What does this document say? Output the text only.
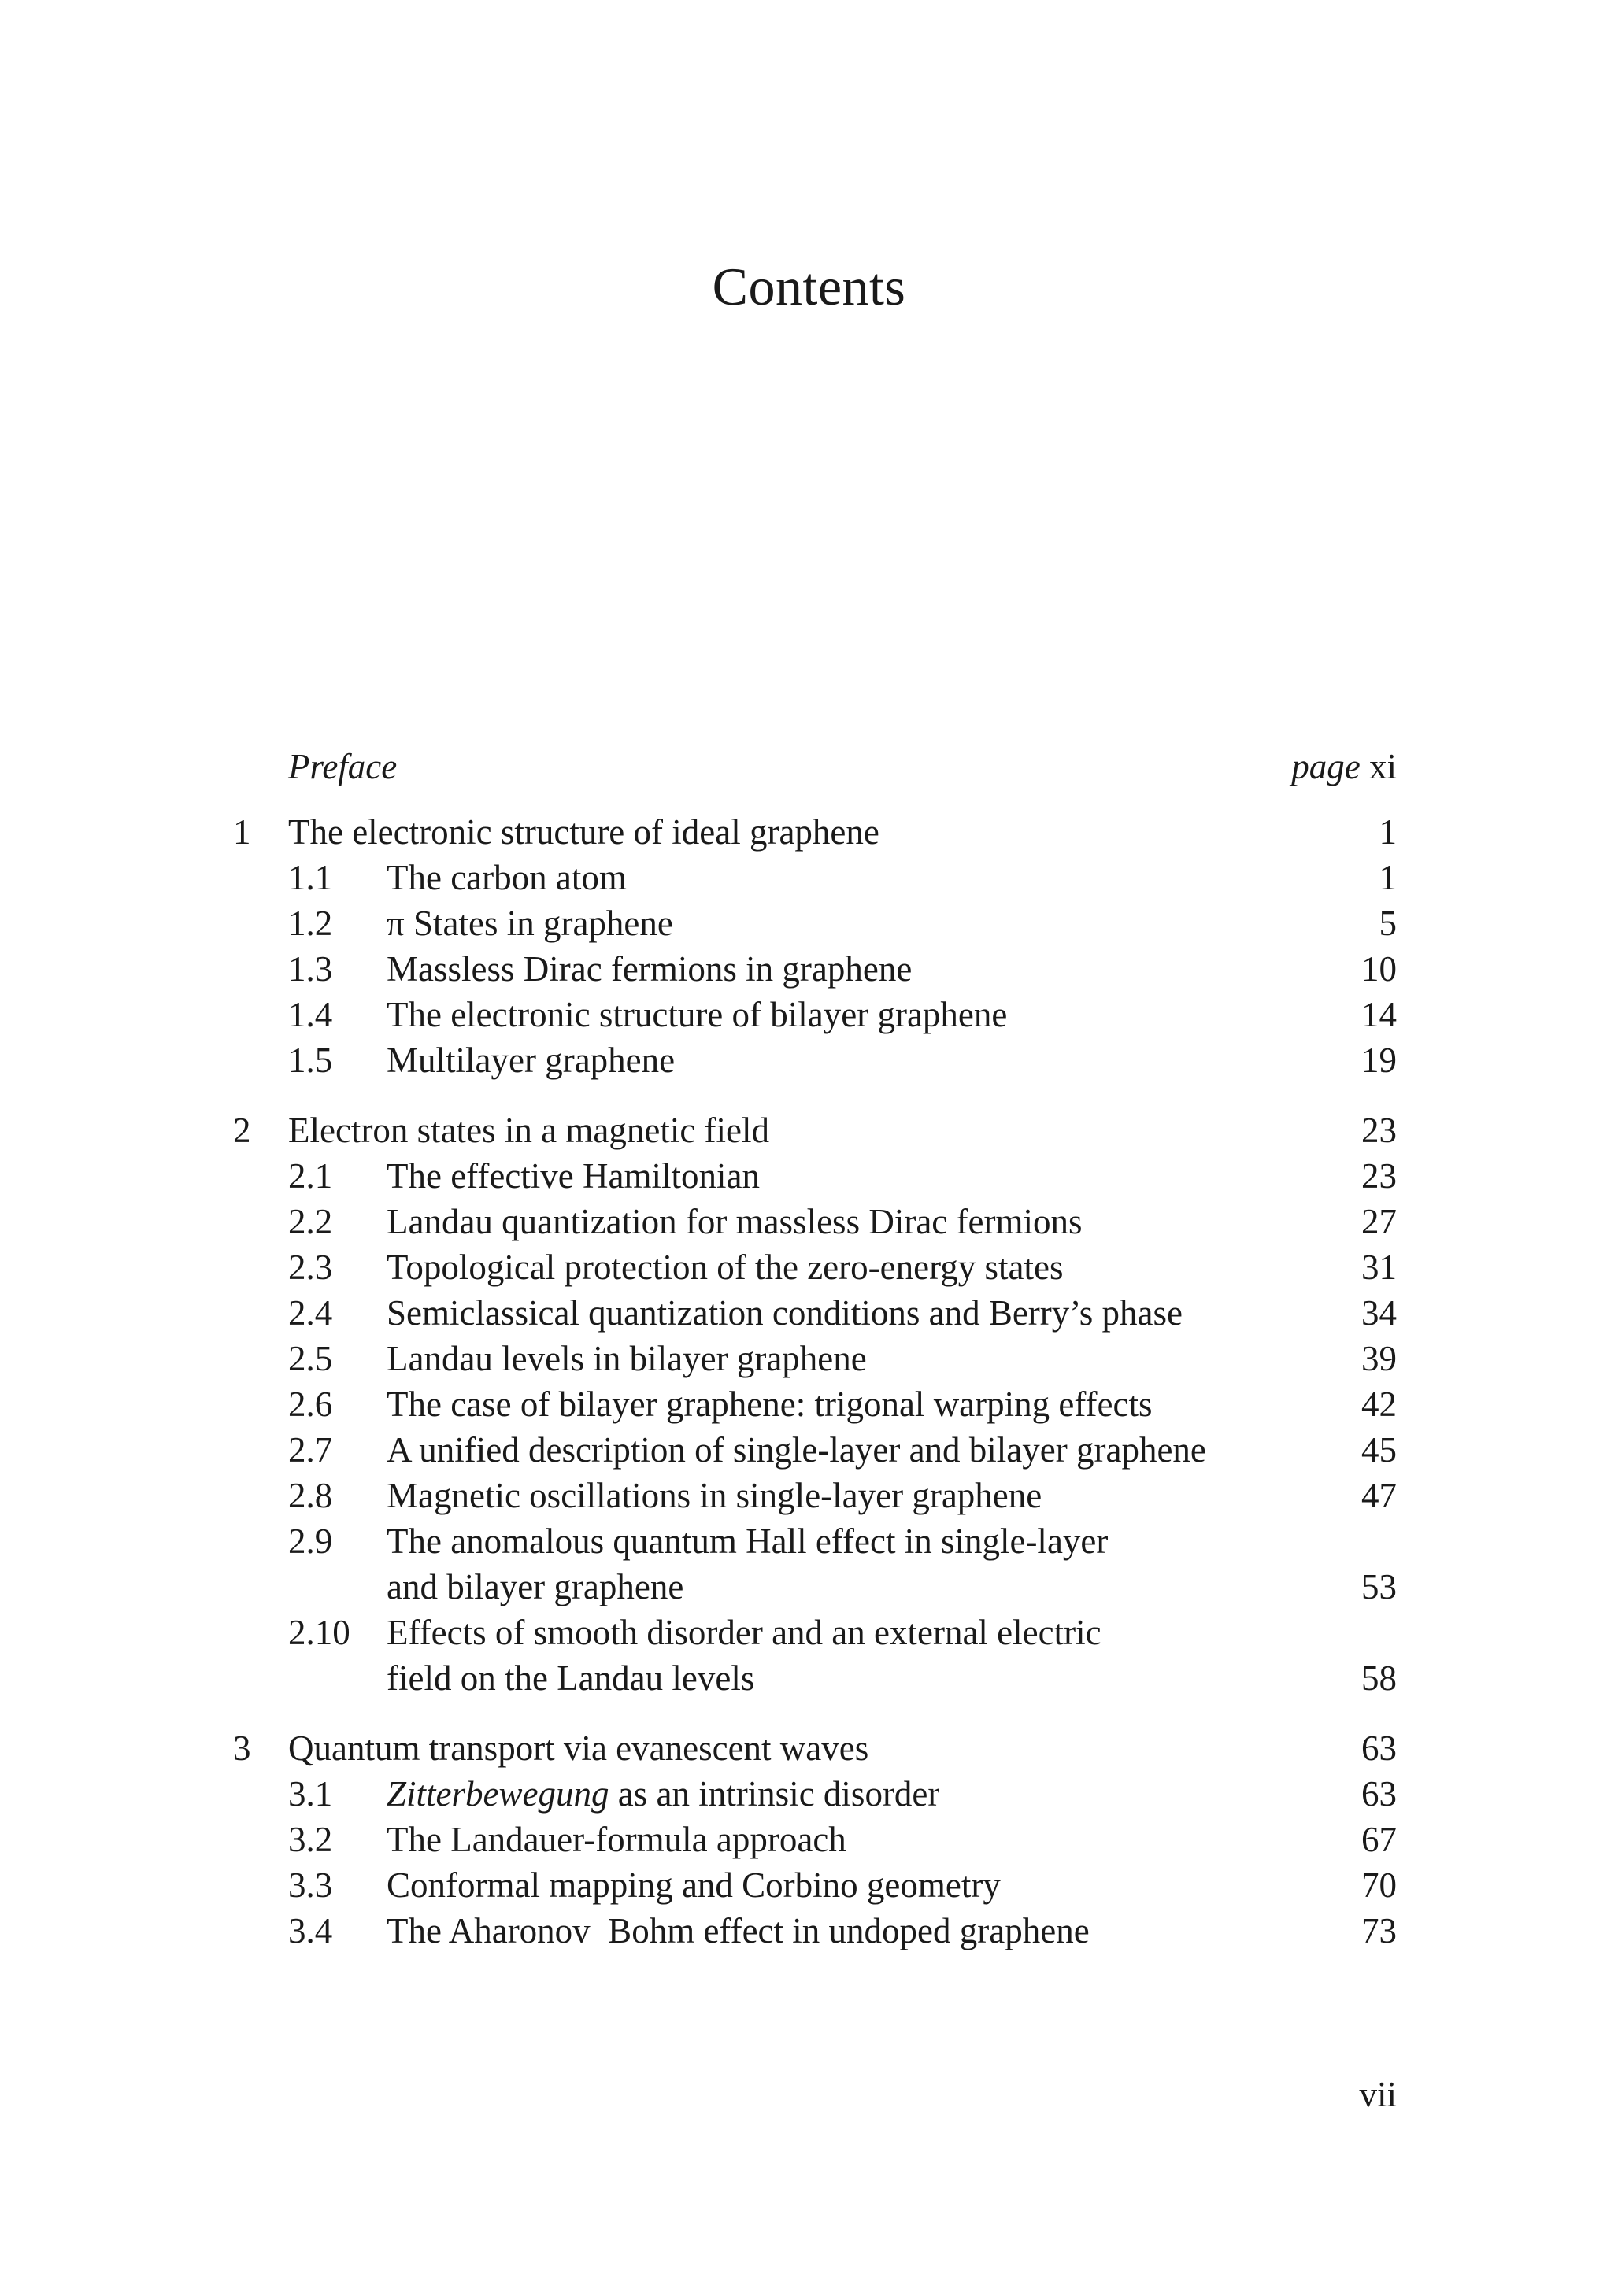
Contents
Preface	page xi
1 The electronic structure of ideal graphene	1
1.1 The carbon atom	1
1.2 π States in graphene	5
1.3 Massless Dirac fermions in graphene	10
1.4 The electronic structure of bilayer graphene	14
1.5 Multilayer graphene	19
2 Electron states in a magnetic field	23
2.1 The effective Hamiltonian	23
2.2 Landau quantization for massless Dirac fermions	27
2.3 Topological protection of the zero-energy states	31
2.4 Semiclassical quantization conditions and Berry’s phase	34
2.5 Landau levels in bilayer graphene	39
2.6 The case of bilayer graphene: trigonal warping effects	42
2.7 A unified description of single-layer and bilayer graphene	45
2.8 Magnetic oscillations in single-layer graphene	47
2.9 The anomalous quantum Hall effect in single-layer
and bilayer graphene	53
2.10 Effects of smooth disorder and an external electric
field on the Landau levels	58
3 Quantum transport via evanescent waves	63
3.1 Zitterbewegung as an intrinsic disorder	63
3.2 The Landauer-formula approach	67
3.3 Conformal mapping and Corbino geometry	70
3.4 The Aharonov  Bohm effect in undoped graphene	73
vii
